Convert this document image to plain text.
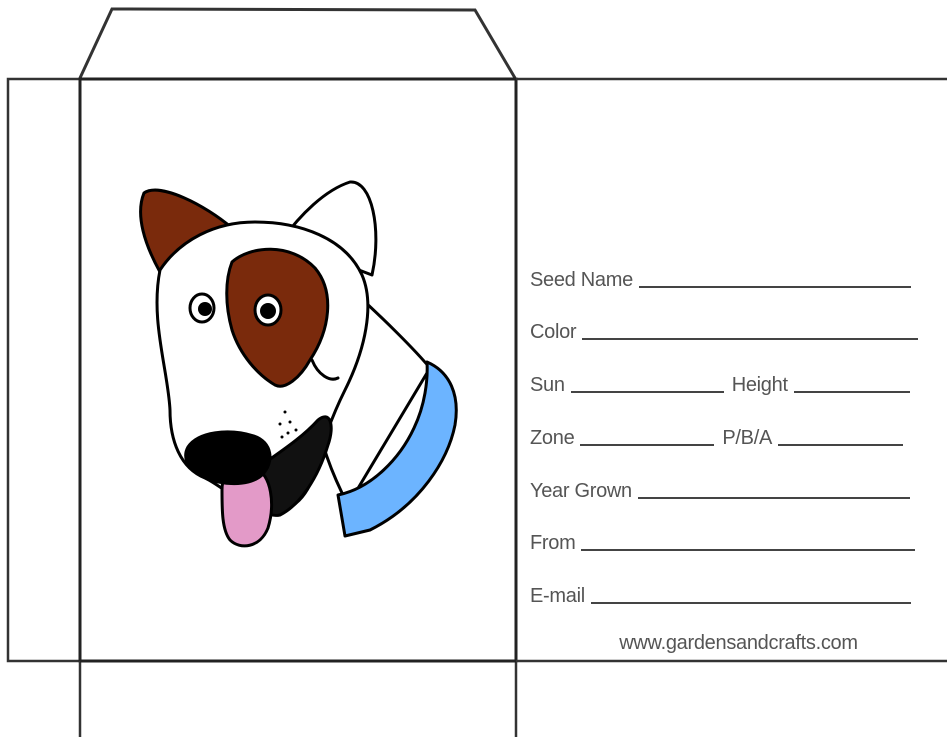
Seed Name
Color
Sun	Height
Zone	P/B/A
Year Grown
From
E-mail
www.gardensandcrafts.com
